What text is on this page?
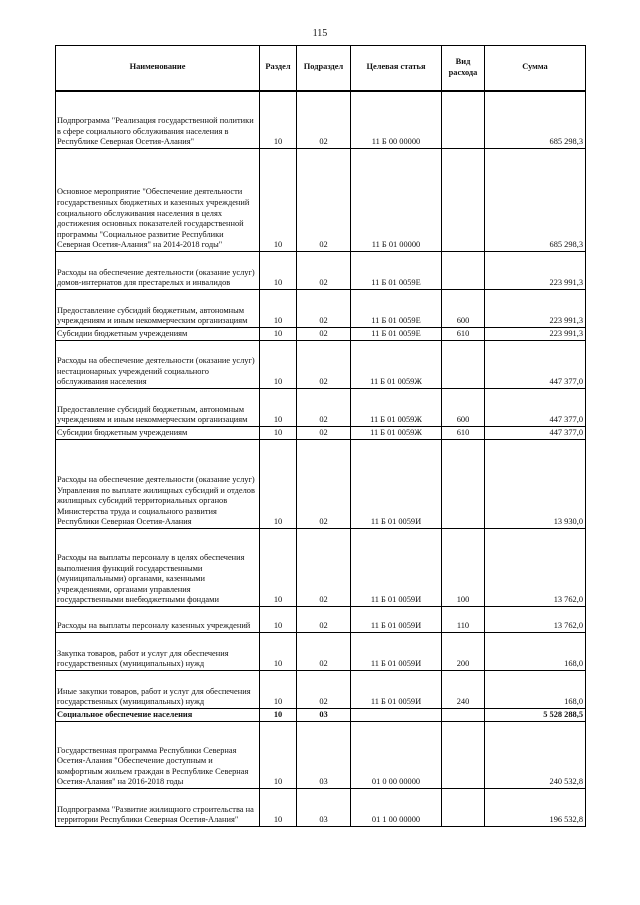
115
Наименование	Раздел	Подраздел	Целевая статья	Вид расхода	Сумма
Подпрограмма "Реализация государственной политики в сфере социального обслуживания населения в Республике Северная Осетия-Алания"	10	02	11 Б 00 00000		685 298,3
Основное мероприятие "Обеспечение деятельности государственных бюджетных и казенных учреждений социального обслуживания населения в целях достижения основных показателей государственной программы "Социальное развитие Республики Северная Осетия-Алания" на 2014-2018 годы"	10	02	11 Б 01 00000		685 298,3
Расходы на обеспечение деятельности (оказание услуг) домов-интернатов для престарелых и инвалидов	10	02	11 Б 01 0059Е		223 991,3
Предоставление субсидий бюджетным, автономным учреждениям и иным некоммерческим организациям	10	02	11 Б 01 0059Е	600	223 991,3
Субсидии бюджетным учреждениям	10	02	11 Б 01 0059Е	610	223 991,3
Расходы на обеспечение деятельности (оказание услуг) нестационарных учреждений социального обслуживания населения	10	02	11 Б 01 0059Ж		447 377,0
Предоставление субсидий бюджетным, автономным учреждениям и иным некоммерческим организациям	10	02	11 Б 01 0059Ж	600	447 377,0
Субсидии бюджетным учреждениям	10	02	11 Б 01 0059Ж	610	447 377,0
Расходы на обеспечение деятельности (оказание услуг) Управления по выплате жилищных субсидий и отделов жилищных субсидий территориальных органов Министерства труда и социального развития Республики Северная Осетия-Алания	10	02	11 Б 01 0059И		13 930,0
Расходы на выплаты персоналу в целях обеспечения выполнения функций государственными (муниципальными) органами, казенными учреждениями, органами управления государственными внебюджетными фондами	10	02	11 Б 01 0059И	100	13 762,0
Расходы на выплаты персоналу казенных учреждений	10	02	11 Б 01 0059И	110	13 762,0
Закупка товаров, работ и услуг для обеспечения государственных (муниципальных) нужд	10	02	11 Б 01 0059И	200	168,0
Иные закупки товаров, работ и услуг для обеспечения государственных (муниципальных) нужд	10	02	11 Б 01 0059И	240	168,0
Социальное обеспечение населения	10	03			5 528 288,5
Государственная программа Республики Северная Осетия-Алания "Обеспечение доступным и комфортным жильем граждан в Республике Северная Осетия-Алания" на 2016-2018 годы	10	03	01 0 00 00000		240 532,8
Подпрограмма "Развитие жилищного строительства на территории Республики Северная Осетия-Алания"	10	03	01 1 00 00000		196 532,8
